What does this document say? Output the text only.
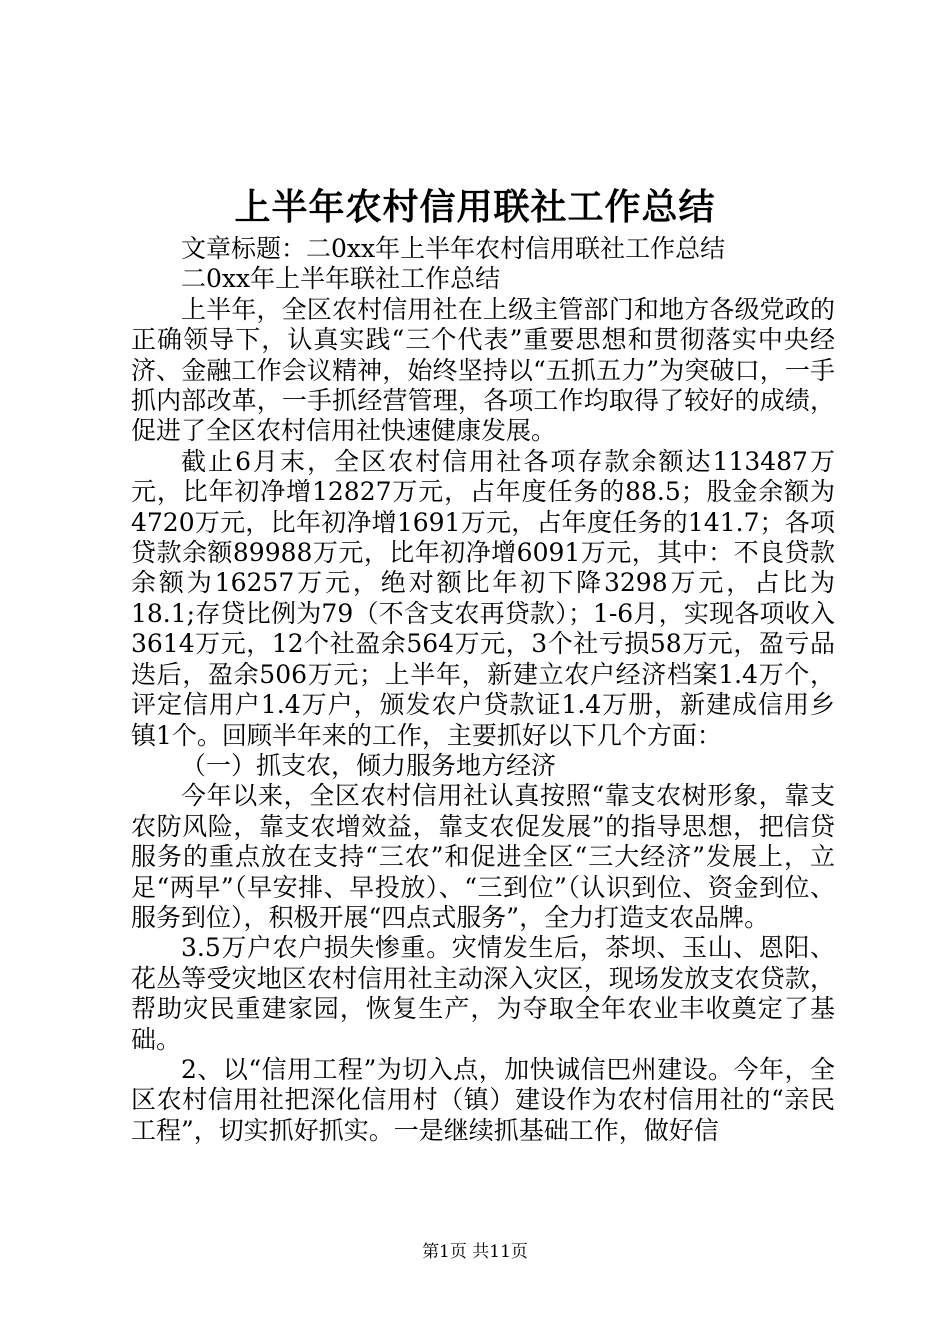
上半年农村信用联社工作总结

文章标题：二0xx年上半年农村信用联社工作总结

二0xx年上半年联社工作总结

上半年，全区农村信用社在上级主管部门和地方各级党政的正确领导下，认真实践“三个代表”重要思想和贯彻落实中央经济、金融工作会议精神，始终坚持以“五抓五力”为突破口，一手抓内部改革，一手抓经营管理，各项工作均取得了较好的成绩，促进了全区农村信用社快速健康发展。

截止6月末，全区农村信用社各项存款余额达113487万元，比年初净增12827万元，占年度任务的88.5；股金余额为4720万元，比年初净增1691万元，占年度任务的141.7；各项贷款余额89988万元，比年初净增6091万元，其中：不良贷款余额为16257万元，绝对额比年初下降3298万元，占比为18.1;存贷比例为79（不含支农再贷款）；1-6月，实现各项收入3614万元，12个社盈余564万元，3个社亏损58万元，盈亏品迭后，盈余506万元；上半年，新建立农户经济档案1.4万个，评定信用户1.4万户，颁发农户贷款证1.4万册，新建成信用乡镇1个。回顾半年来的工作，主要抓好以下几个方面：

（一）抓支农，倾力服务地方经济

今年以来，全区农村信用社认真按照“靠支农树形象，靠支农防风险，靠支农增效益，靠支农促发展”的指导思想，把信贷服务的重点放在支持“三农”和促进全区“三大经济”发展上，立足“两早”（早安排、早投放）、“三到位”（认识到位、资金到位、服务到位），积极开展“四点式服务”，全力打造支农品牌。

3.5万户农户损失惨重。灾情发生后，茶坝、玉山、恩阳、花丛等受灾地区农村信用社主动深入灾区，现场发放支农贷款，帮助灾民重建家园，恢复生产，为夺取全年农业丰收奠定了基础。

2、以“信用工程”为切入点，加快诚信巴州建设。今年，全区农村信用社把深化信用村（镇）建设作为农村信用社的“亲民工程”，切实抓好抓实。一是继续抓基础工作，做好信

第1页 共11页
